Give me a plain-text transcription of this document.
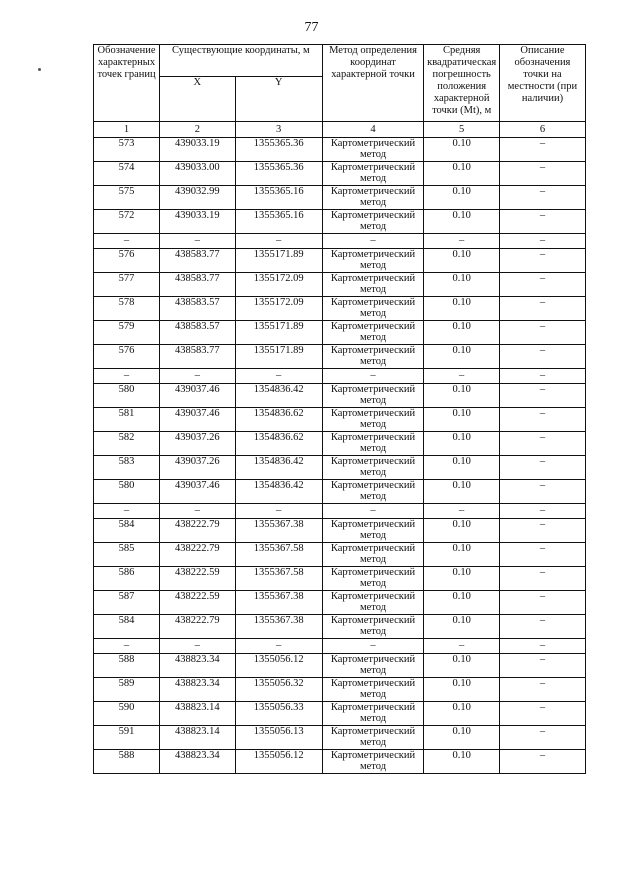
77
Обозначение характерных точек границ	Существующие координаты, м		Метод определения координат характерной точки	Средняя квадратическая погрешность положения характерной точки (Mt), м	Описание обозначения точки на местности (при наличии)
	X	Y			
1	2	3	4	5	6
573	439033.19	1355365.36	Картометрический метод	0.10	–
574	439033.00	1355365.36	Картометрический метод	0.10	–
575	439032.99	1355365.16	Картометрический метод	0.10	–
572	439033.19	1355365.16	Картометрический метод	0.10	–
–	–	–	–	–	–
576	438583.77	1355171.89	Картометрический метод	0.10	–
577	438583.77	1355172.09	Картометрический метод	0.10	–
578	438583.57	1355172.09	Картометрический метод	0.10	–
579	438583.57	1355171.89	Картометрический метод	0.10	–
576	438583.77	1355171.89	Картометрический метод	0.10	–
–	–	–	–	–	–
580	439037.46	1354836.42	Картометрический метод	0.10	–
581	439037.46	1354836.62	Картометрический метод	0.10	–
582	439037.26	1354836.62	Картометрический метод	0.10	–
583	439037.26	1354836.42	Картометрический метод	0.10	–
580	439037.46	1354836.42	Картометрический метод	0.10	–
–	–	–	–	–	–
584	438222.79	1355367.38	Картометрический метод	0.10	–
585	438222.79	1355367.58	Картометрический метод	0.10	–
586	438222.59	1355367.58	Картометрический метод	0.10	–
587	438222.59	1355367.38	Картометрический метод	0.10	–
584	438222.79	1355367.38	Картометрический метод	0.10	–
–	–	–	–	–	–
588	438823.34	1355056.12	Картометрический метод	0.10	–
589	438823.34	1355056.32	Картометрический метод	0.10	–
590	438823.14	1355056.33	Картометрический метод	0.10	–
591	438823.14	1355056.13	Картометрический метод	0.10	–
588	438823.34	1355056.12	Картометрический метод	0.10	–
